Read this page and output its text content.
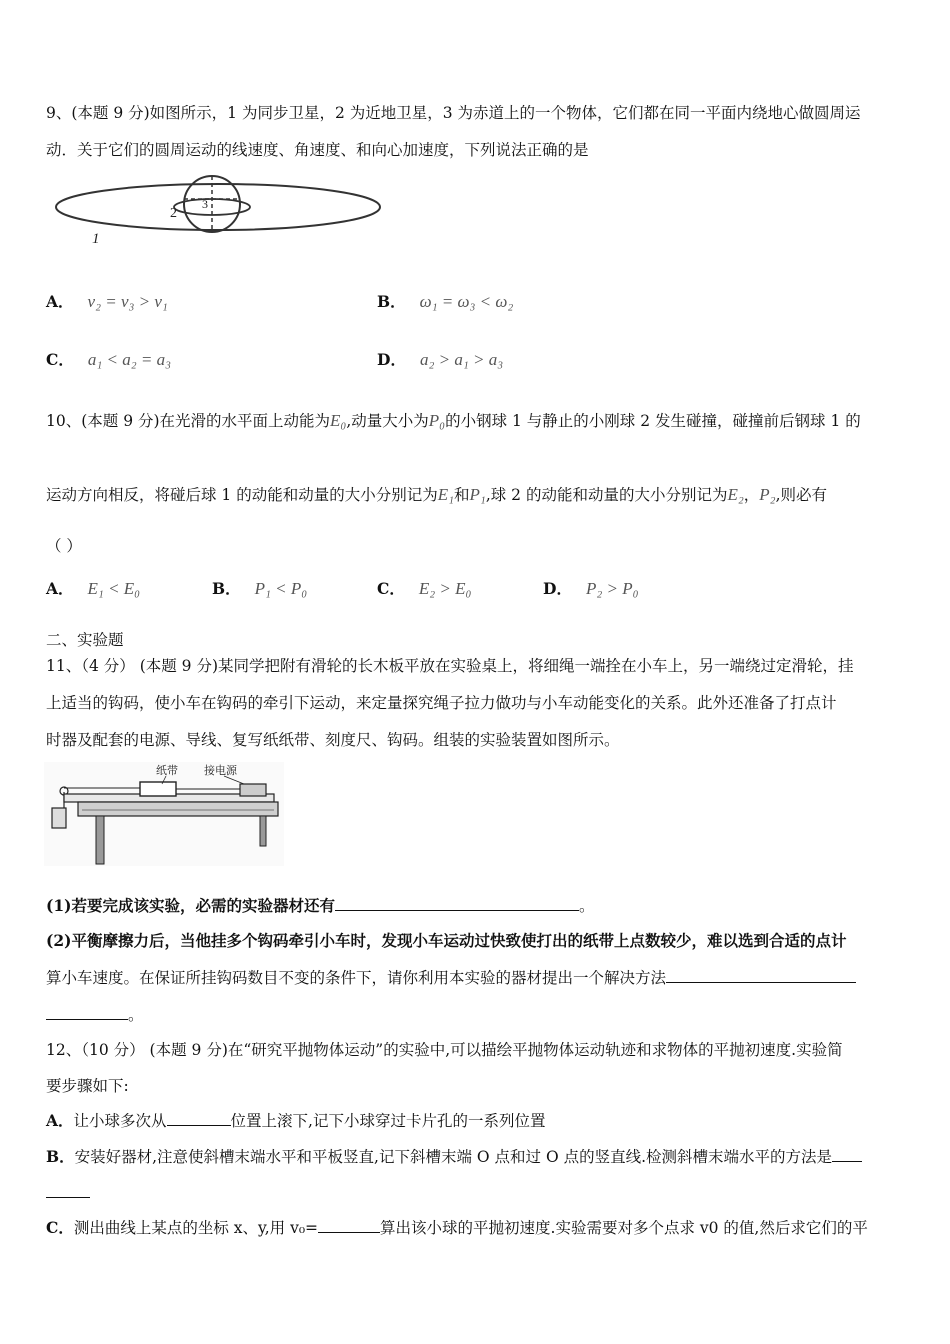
9、(本题 9 分)如图所示，1 为同步卫星，2 为近地卫星，3 为赤道上的一个物体，它们都在同一平面内绕地心做圆周运
动．关于它们的圆周运动的线速度、角速度、和向心加速度，下列说法正确的是
1
2
3
A． v₂ = v₃ > v₁	B． ω₁ = ω₃ < ω₂
C． a₁ < a₂ = a₃	D． a₂ > a₁ > a₃
10、(本题 9 分)在光滑的水平面上动能为E₀,动量大小为P₀的小钢球 1 与静止的小刚球 2 发生碰撞，碰撞前后钢球 1 的
运动方向相反，将碰后球 1 的动能和动量的大小分别记为E₁和P₁,球 2 的动能和动量的大小分别记为E₂，P₂,则必有
（ ）
A． E₁ < E₀	B． P₁ < P₀	C． E₂ > E₀	D． P₂ > P₀
二、实验题
11、（4 分） (本题 9 分)某同学把附有滑轮的长木板平放在实验桌上，将细绳一端拴在小车上，另一端绕过定滑轮，挂
上适当的钩码，使小车在钩码的牵引下运动，来定量探究绳子拉力做功与小车动能变化的关系。此外还准备了打点计
时器及配套的电源、导线、复写纸纸带、刻度尺、钩码。组装的实验装置如图所示。
纸带 接电源
(1)若要完成该实验，必需的实验器材还有	。
(2)平衡摩擦力后，当他挂多个钩码牵引小车时，发现小车运动过快致使打出的纸带上点数较少，难以选到合适的点计
算小车速度。在保证所挂钩码数目不变的条件下，请你利用本实验的器材提出一个解决方法
。
12、（10 分） (本题 9 分)在“研究平抛物体运动”的实验中,可以描绘平抛物体运动轨迹和求物体的平抛初速度.实验简
要步骤如下:
A．让小球多次从	位置上滚下,记下小球穿过卡片孔的一系列位置
B．安装好器材,注意使斜槽末端水平和平板竖直,记下斜槽末端 O 点和过 O 点的竖直线.检测斜槽末端水平的方法是
C．测出曲线上某点的坐标 x、y,用 v₀=	算出该小球的平抛初速度.实验需要对多个点求 v0 的值,然后求它们的平
